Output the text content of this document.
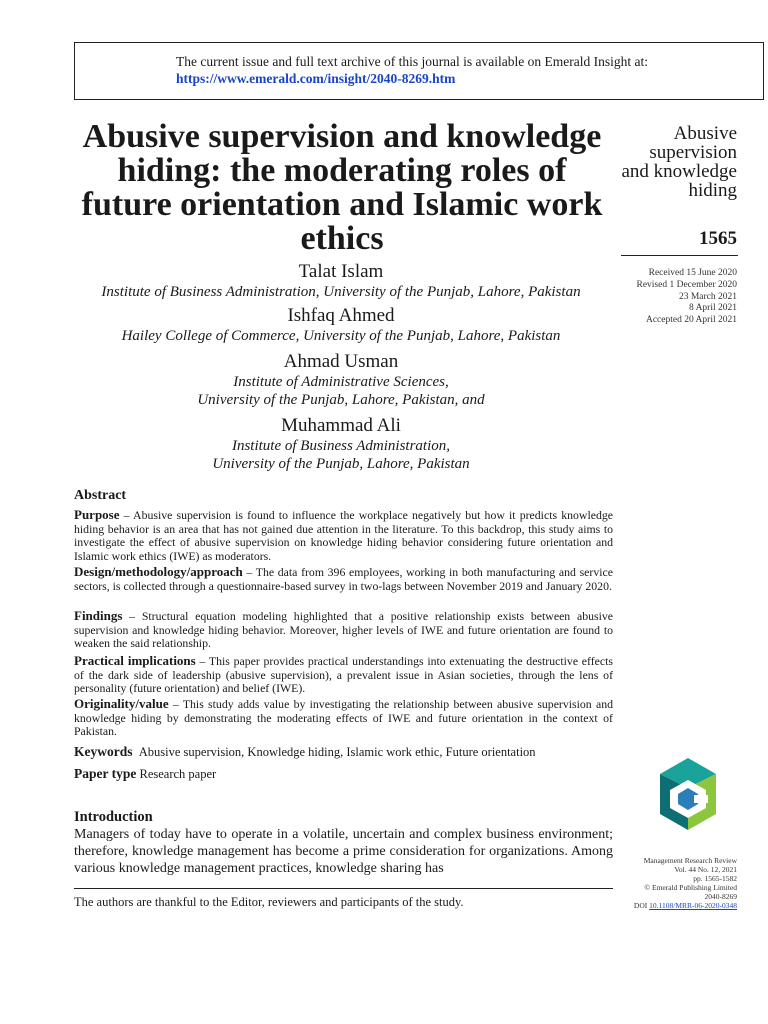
The current issue and full text archive of this journal is available on Emerald Insight at:
https://www.emerald.com/insight/2040-8269.htm
Abusive supervision and knowledge hiding: the moderating roles of future orientation and Islamic work ethics
Abusive
supervision
and knowledge
hiding
1565
Received 15 June 2020
Revised 1 December 2020
23 March 2021
8 April 2021
Accepted 20 April 2021
Talat Islam
Institute of Business Administration, University of the Punjab, Lahore, Pakistan
Ishfaq Ahmed
Hailey College of Commerce, University of the Punjab, Lahore, Pakistan
Ahmad Usman
Institute of Administrative Sciences,
University of the Punjab, Lahore, Pakistan, and
Muhammad Ali
Institute of Business Administration,
University of the Punjab, Lahore, Pakistan
Abstract
Purpose – Abusive supervision is found to influence the workplace negatively but how it predicts knowledge hiding behavior is an area that has not gained due attention in the literature. To this backdrop, this study aims to investigate the effect of abusive supervision on knowledge hiding behavior considering future orientation and Islamic work ethics (IWE) as moderators.
Design/methodology/approach – The data from 396 employees, working in both manufacturing and service sectors, is collected through a questionnaire-based survey in two-lags between November 2019 and January 2020.
Findings – Structural equation modeling highlighted that a positive relationship exists between abusive supervision and knowledge hiding behavior. Moreover, higher levels of IWE and future orientation are found to weaken the said relationship.
Practical implications – This paper provides practical understandings into extenuating the destructive effects of the dark side of leadership (abusive supervision), a prevalent issue in Asian societies, through the lens of personality (future orientation) and belief (IWE).
Originality/value – This study adds value by investigating the relationship between abusive supervision and knowledge hiding by demonstrating the moderating effects of IWE and future orientation in the context of Pakistan.
Keywords Abusive supervision, Knowledge hiding, Islamic work ethic, Future orientation
Paper type Research paper
Introduction
Managers of today have to operate in a volatile, uncertain and complex business environment; therefore, knowledge management has become a prime consideration for organizations. Among various knowledge management practices, knowledge sharing has
The authors are thankful to the Editor, reviewers and participants of the study.
Management Research Review
Vol. 44 No. 12, 2021
pp. 1565-1582
© Emerald Publishing Limited
2040-8269
DOI 10.1108/MRR-06-2020-0348
